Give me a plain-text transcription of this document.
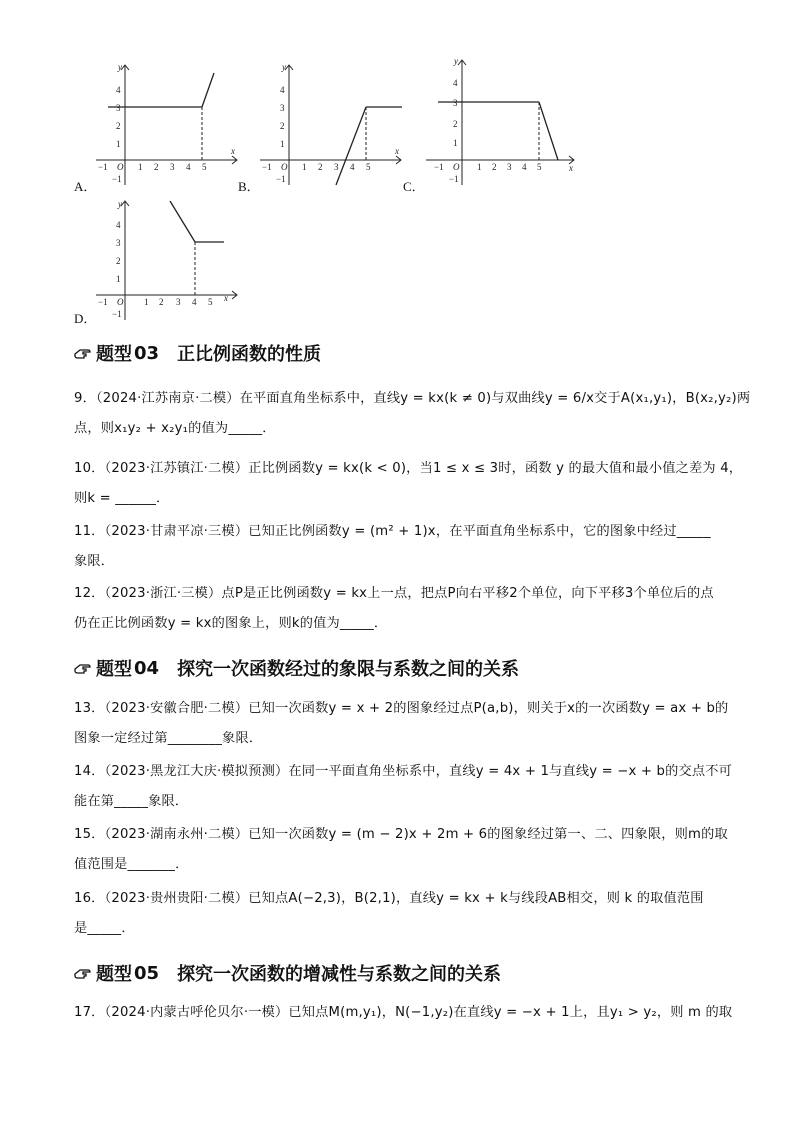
y
x
O
−1	1 2 3 4 5
1
2
3
4
−1
A．
y
x
O
−1	1 2 3 4 5
1
2
3
4
−1
B．
y
x
O
−1	1 2 3 4 5
1
2
3
4
−1
C．
y
x
O
−1	1 2 3 4 5
1
2
3
4
−1
D．
题型 03 正比例函数的性质
9．（2024·江苏南京·二模）在平面直角坐标系中，直线y = kx(k ≠ 0)与双曲线y = 6/x交于A(x₁,y₁)，B(x₂,y₂)两
点，则x₁y₂ + x₂y₁的值为_____．
10．（2023·江苏镇江·二模）正比例函数y = kx(k < 0)，当1 ≤ x ≤ 3时，函数 y 的最大值和最小值之差为 4，
则k = ______．
11．（2023·甘肃平凉·三模）已知正比例函数y = (m² + 1)x，在平面直角坐标系中，它的图象中经过_____
象限．
12．（2023·浙江·三模）点P是正比例函数y = kx上一点，把点P向右平移2个单位，向下平移3个单位后的点
仍在正比例函数y = kx的图象上，则k的值为_____．
题型 04 探究一次函数经过的象限与系数之间的关系
13．（2023·安徽合肥·二模）已知一次函数y = x + 2的图象经过点P(a,b)，则关于x的一次函数y = ax + b的
图象一定经过第________象限．
14．（2023·黑龙江大庆·模拟预测）在同一平面直角坐标系中，直线y = 4x + 1与直线y = −x + b的交点不可
能在第_____象限．
15．（2023·湖南永州·二模）已知一次函数y = (m − 2)x + 2m + 6的图象经过第一、二、四象限，则m的取
值范围是_______．
16．（2023·贵州贵阳·二模）已知点A(−2,3)，B(2,1)，直线y = kx + k与线段AB相交，则 k 的取值范围
是_____．
题型 05 探究一次函数的增减性与系数之间的关系
17．（2024·内蒙古呼伦贝尔·一模）已知点M(m,y₁)，N(−1,y₂)在直线y = −x + 1上，且y₁ > y₂，则 m 的取
